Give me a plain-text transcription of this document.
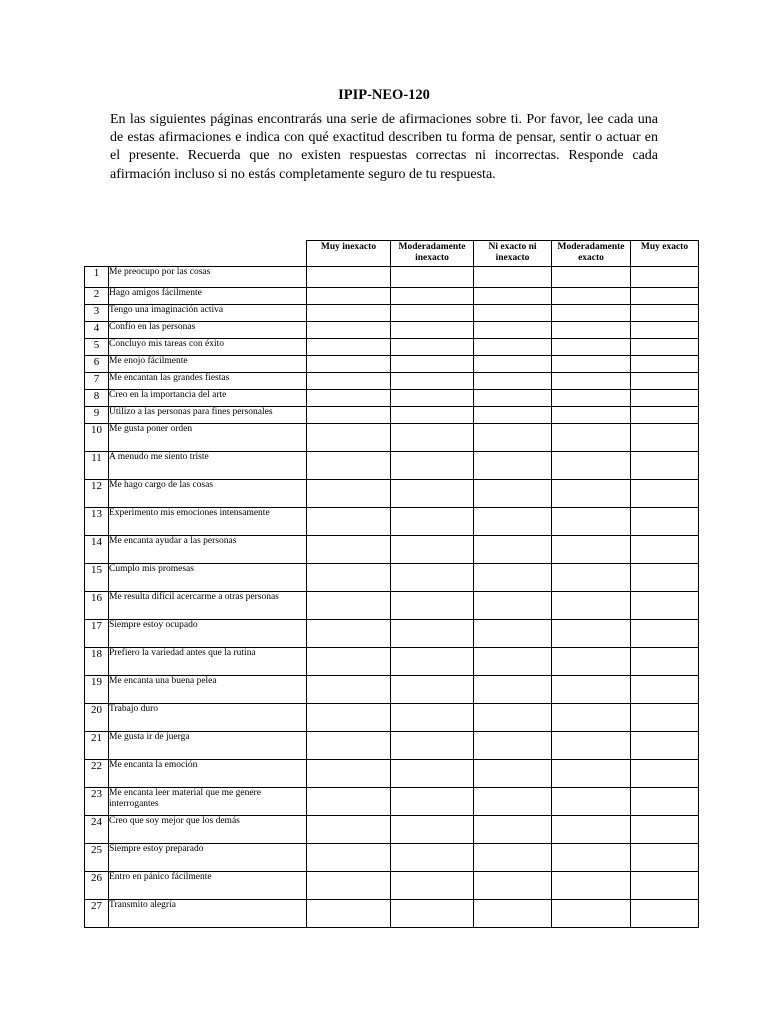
IPIP-NEO-120
En las siguientes páginas encontrarás una serie de afirmaciones sobre ti. Por favor, lee cada una de estas afirmaciones e indica con qué exactitud describen tu forma de pensar, sentir o actuar en el presente. Recuerda que no existen respuestas correctas ni incorrectas. Responde cada afirmación incluso si no estás completamente seguro de tu respuesta.
		Muy inexacto	Moderadamente inexacto	Ni exacto ni inexacto	Moderadamente exacto	Muy exacto
1	Me preocupo por las cosas					
2	Hago amigos fácilmente					
3	Tengo una imaginación activa					
4	Confío en las personas					
5	Concluyo mis tareas con éxito					
6	Me enojo fácilmente					
7	Me encantan las grandes fiestas					
8	Creo en la importancia del arte					
9	Utilizo a las personas para fines personales					
10	Me gusta poner orden					
11	A menudo me siento triste					
12	Me hago cargo de las cosas					
13	Experimento mis emociones intensamente					
14	Me encanta ayudar a las personas					
15	Cumplo mis promesas					
16	Me resulta difícil acercarme a otras personas					
17	Siempre estoy ocupado					
18	Prefiero la variedad antes que la rutina					
19	Me encanta una buena pelea					
20	Trabajo duro					
21	Me gusta ir de juerga					
22	Me encanta la emoción					
23	Me encanta leer material que me genere interrogantes					
24	Creo que soy mejor que los demás					
25	Siempre estoy preparado					
26	Entro en pánico fácilmente					
27	Transmito alegría					
